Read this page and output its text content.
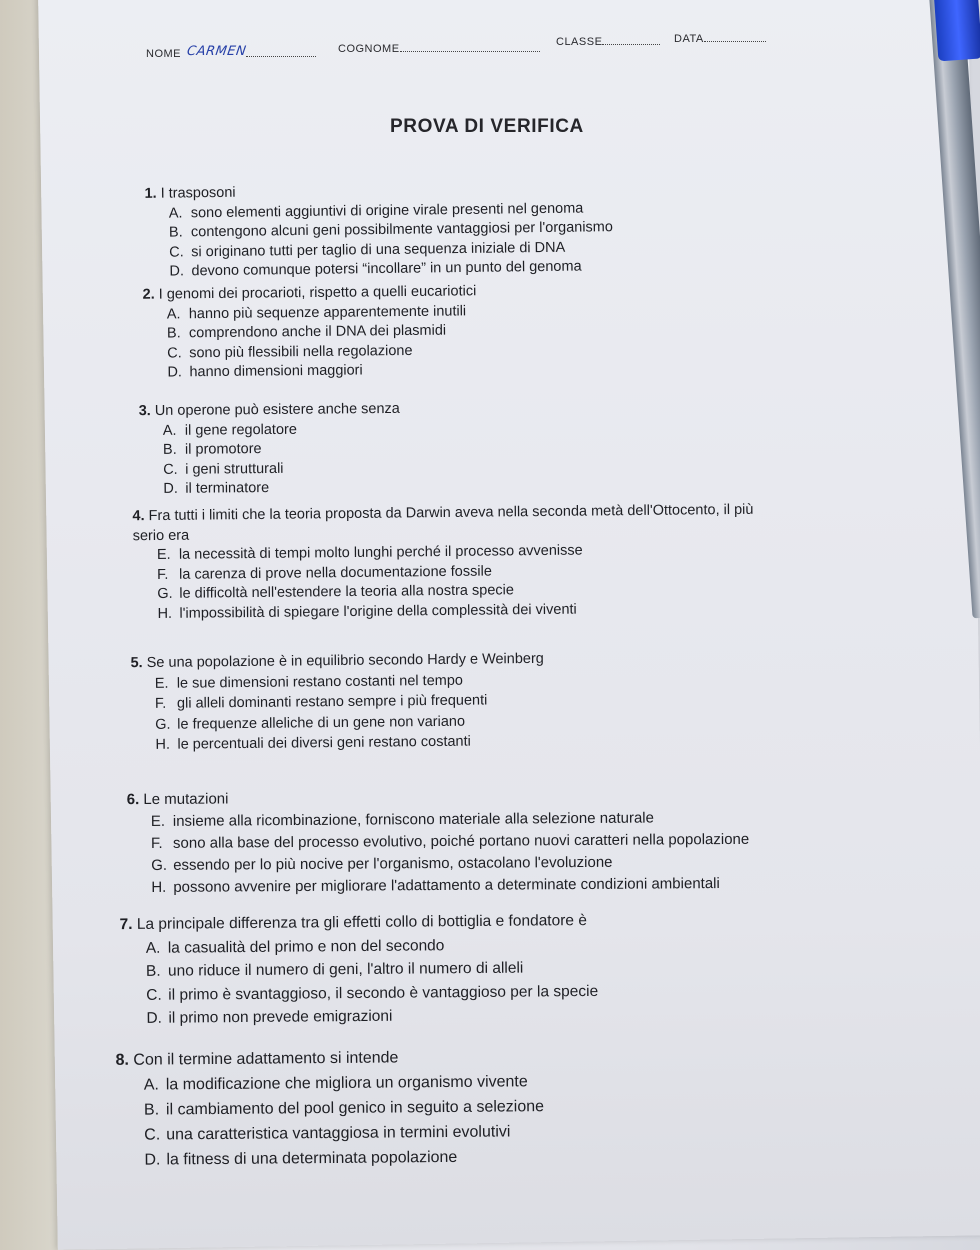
NOME CARMEN	COGNOME
CLASSE	DATA
PROVA DI VERIFICA
1. I trasposoni
A. sono elementi aggiuntivi di origine virale presenti nel genoma
B. contengono alcuni geni possibilmente vantaggiosi per l'organismo
C. si originano tutti per taglio di una sequenza iniziale di DNA
D. devono comunque potersi “incollare” in un punto del genoma
2. I genomi dei procarioti, rispetto a quelli eucariotici
A. hanno più sequenze apparentemente inutili
B. comprendono anche il DNA dei plasmidi
C. sono più flessibili nella regolazione
D. hanno dimensioni maggiori
3. Un operone può esistere anche senza
A. il gene regolatore
B. il promotore
C. i geni strutturali
D. il terminatore
4. Fra tutti i limiti che la teoria proposta da Darwin aveva nella seconda metà dell'Ottocento, il più
serio era
E. la necessità di tempi molto lunghi perché il processo avvenisse
F. la carenza di prove nella documentazione fossile
G. le difficoltà nell'estendere la teoria alla nostra specie
H. l'impossibilità di spiegare l'origine della complessità dei viventi
5. Se una popolazione è in equilibrio secondo Hardy e Weinberg
E. le sue dimensioni restano costanti nel tempo
F. gli alleli dominanti restano sempre i più frequenti
G. le frequenze alleliche di un gene non variano
H. le percentuali dei diversi geni restano costanti
6. Le mutazioni
E. insieme alla ricombinazione, forniscono materiale alla selezione naturale
F. sono alla base del processo evolutivo, poiché portano nuovi caratteri nella popolazione
G. essendo per lo più nocive per l'organismo, ostacolano l'evoluzione
H. possono avvenire per migliorare l'adattamento a determinate condizioni ambientali
7. La principale differenza tra gli effetti collo di bottiglia e fondatore è
A. la casualità del primo e non del secondo
B. uno riduce il numero di geni, l'altro il numero di alleli
C. il primo è svantaggioso, il secondo è vantaggioso per la specie
D. il primo non prevede emigrazioni
8. Con il termine adattamento si intende
A. la modificazione che migliora un organismo vivente
B. il cambiamento del pool genico in seguito a selezione
C. una caratteristica vantaggiosa in termini evolutivi
D. la fitness di una determinata popolazione
